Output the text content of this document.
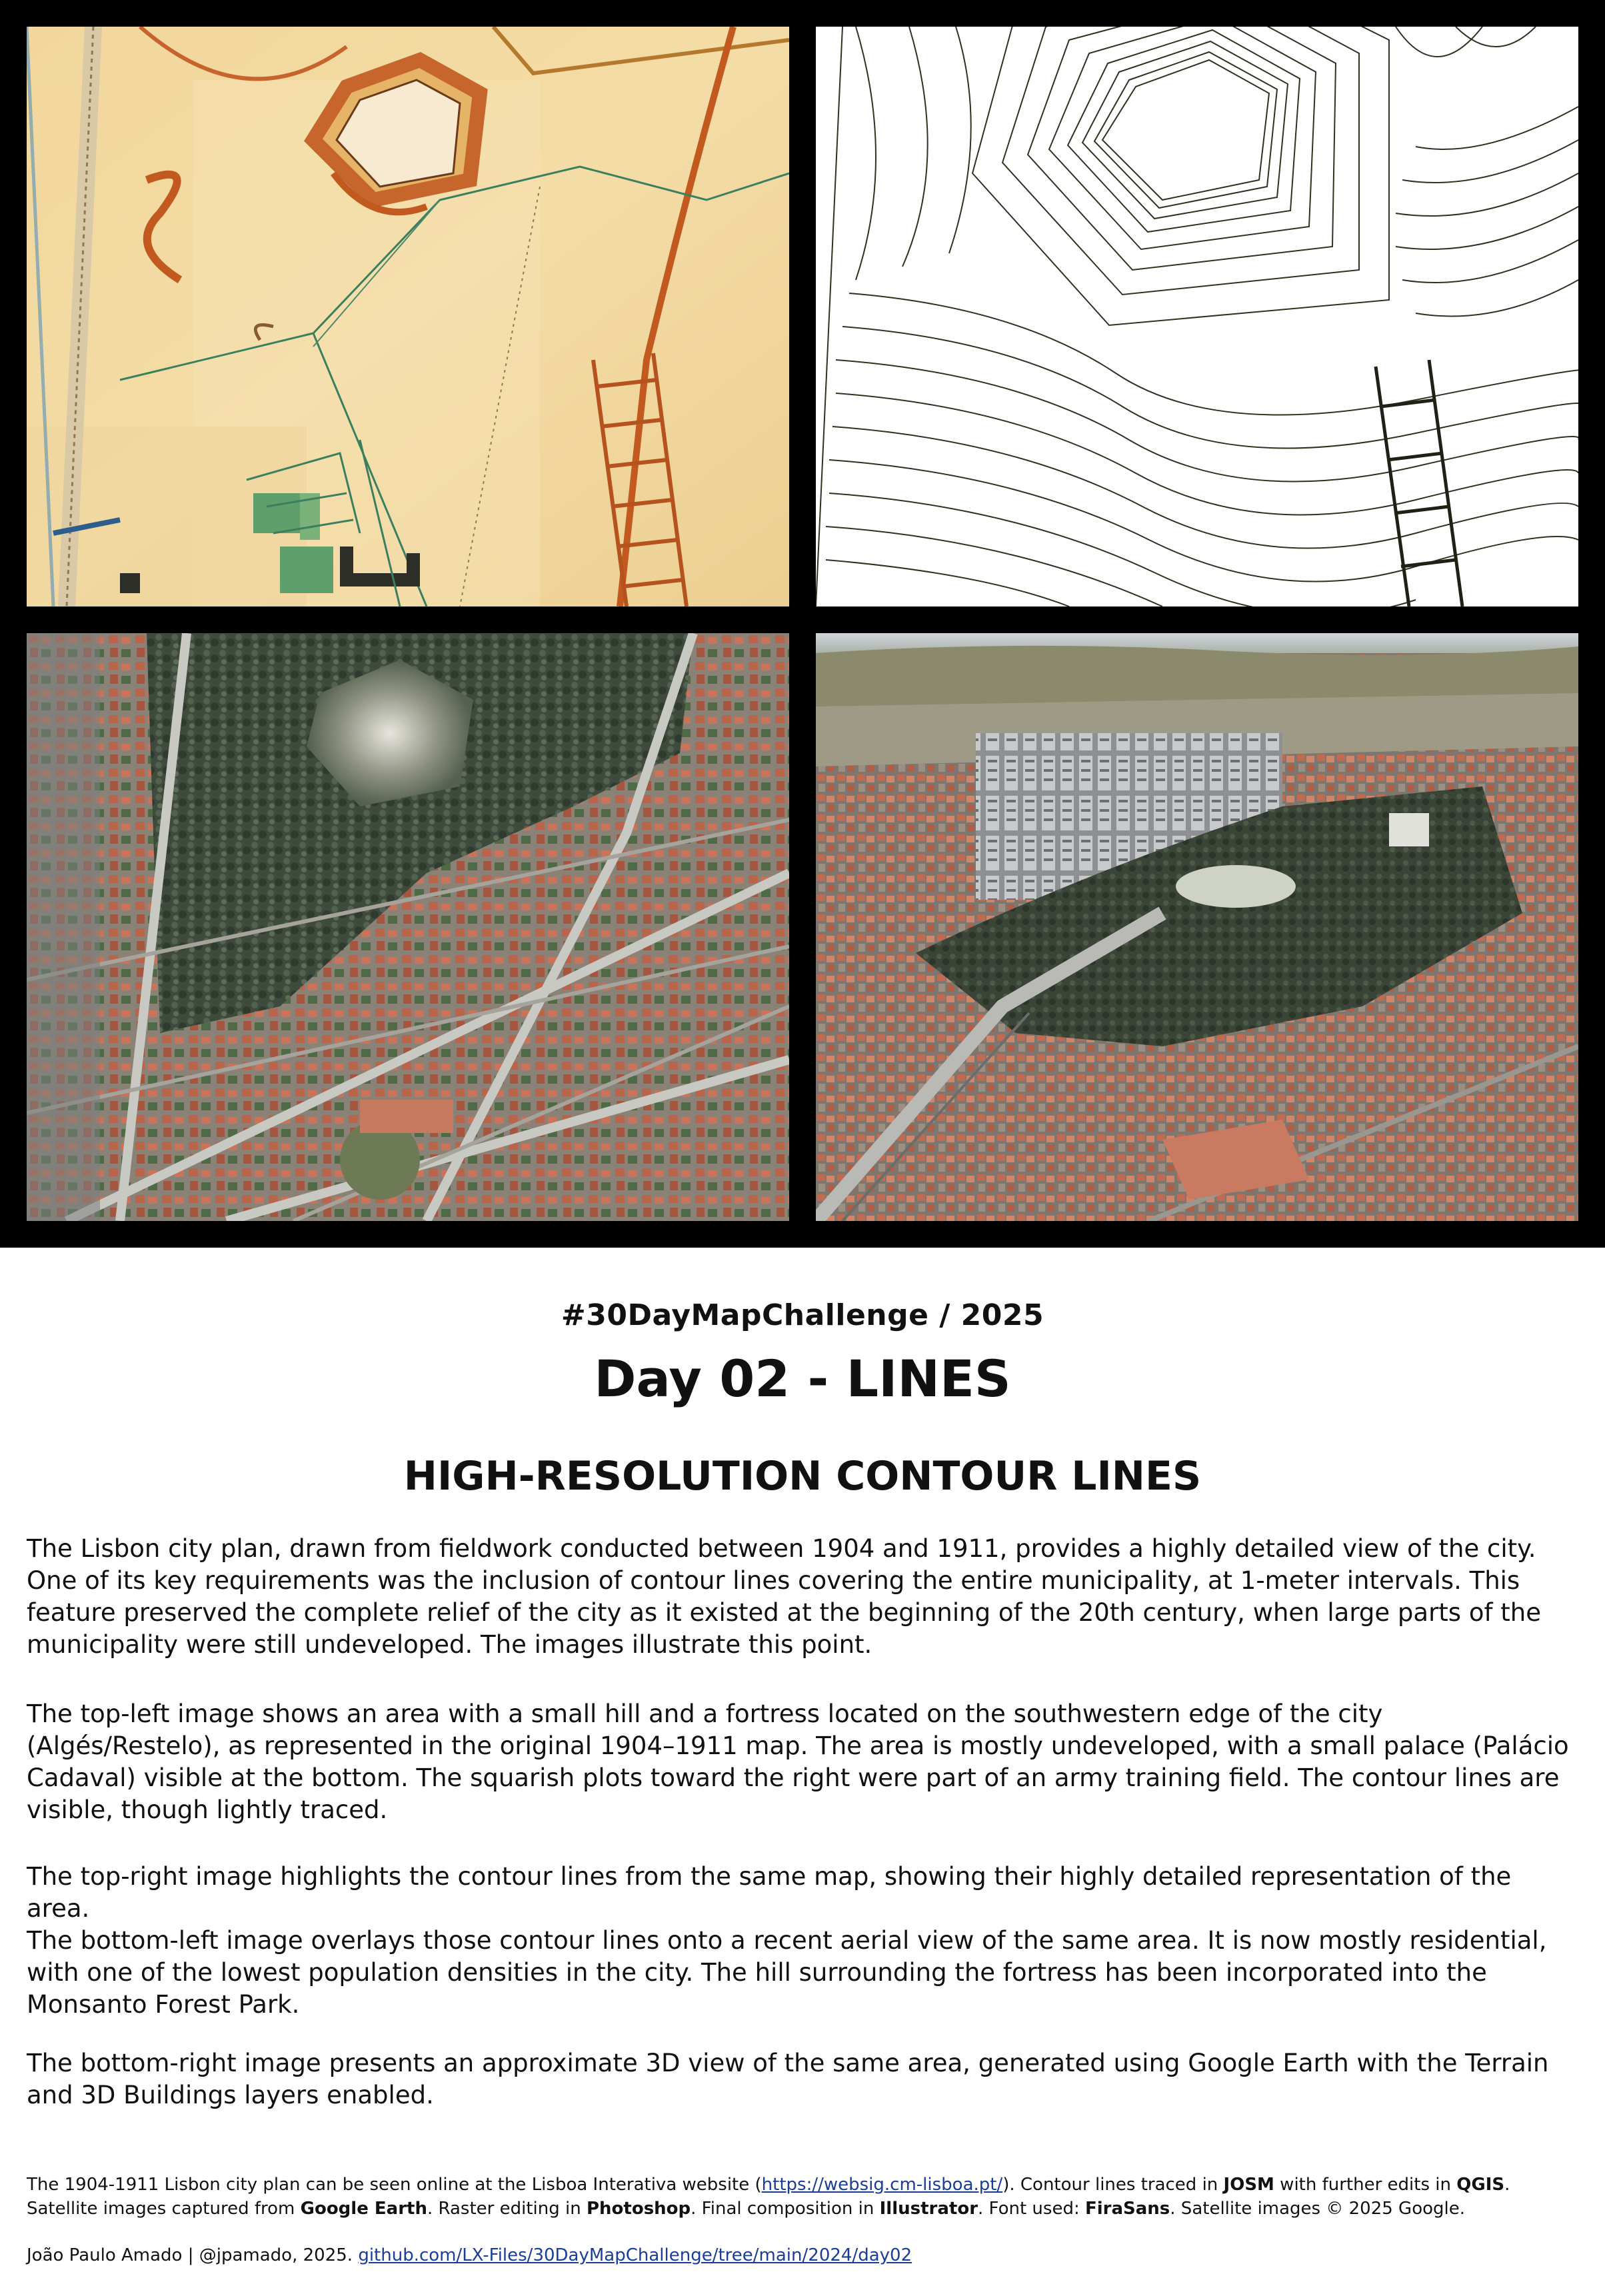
#30DayMapChallenge / 2025
Day 02 - LINES
HIGH-RESOLUTION CONTOUR LINES

The Lisbon city plan, drawn from fieldwork conducted between 1904 and 1911, provides a highly detailed view of the city. One of its key requirements was the inclusion of contour lines covering the entire municipality, at 1-meter intervals. This feature preserved the complete relief of the city as it existed at the beginning of the 20th century, when large parts of the municipality were still undeveloped. The images illustrate this point.

The top-left image shows an area with a small hill and a fortress located on the southwestern edge of the city (Algés/Restelo), as represented in the original 1904–1911 map. The area is mostly undeveloped, with a small palace (Palácio Cadaval) visible at the bottom. The squarish plots toward the right were part of an army training field. The contour lines are visible, though lightly traced.

The top-right image highlights the contour lines from the same map, showing their highly detailed representation of the area.

The bottom-left image overlays those contour lines onto a recent aerial view of the same area. It is now mostly residential, with one of the lowest population densities in the city. The hill surrounding the fortress has been incorporated into the Monsanto Forest Park.

The bottom-right image presents an approximate 3D view of the same area, generated using Google Earth with the Terrain and 3D Buildings layers enabled.

The 1904-1911 Lisbon city plan can be seen online at the Lisboa Interativa website (https://websig.cm-lisboa.pt/). Contour lines traced in JOSM with further edits in QGIS. Satellite images captured from Google Earth. Raster editing in Photoshop. Final composition in Illustrator. Font used: FiraSans. Satellite images © 2025 Google.

João Paulo Amado | @jpamado, 2025. github.com/LX-Files/30DayMapChallenge/tree/main/2024/day02
